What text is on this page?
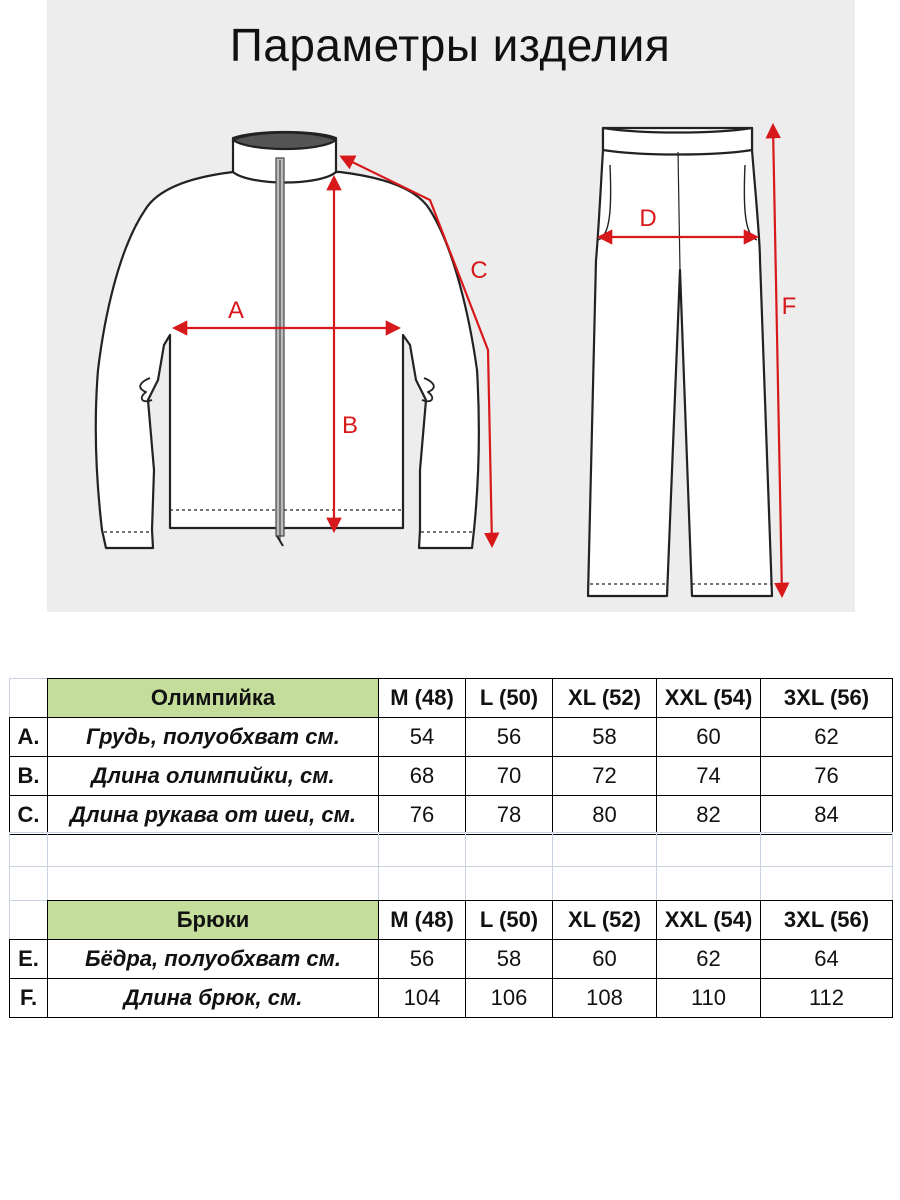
Параметры изделия
A
B
C
D
F
	Олимпийка	M (48)	L (50)	XL (52)	XXL (54)	3XL (56)
A.	Грудь, полуобхват см.	54	56	58	60	62
B.	Длина олимпийки, см.	68	70	72	74	76
C.	Длина рукава от шеи, см.	76	78	80	82	84

	Брюки	M (48)	L (50)	XL (52)	XXL (54)	3XL (56)
E.	Бёдра, полуобхват см.	56	58	60	62	64
F.	Длина брюк, см.	104	106	108	110	112
